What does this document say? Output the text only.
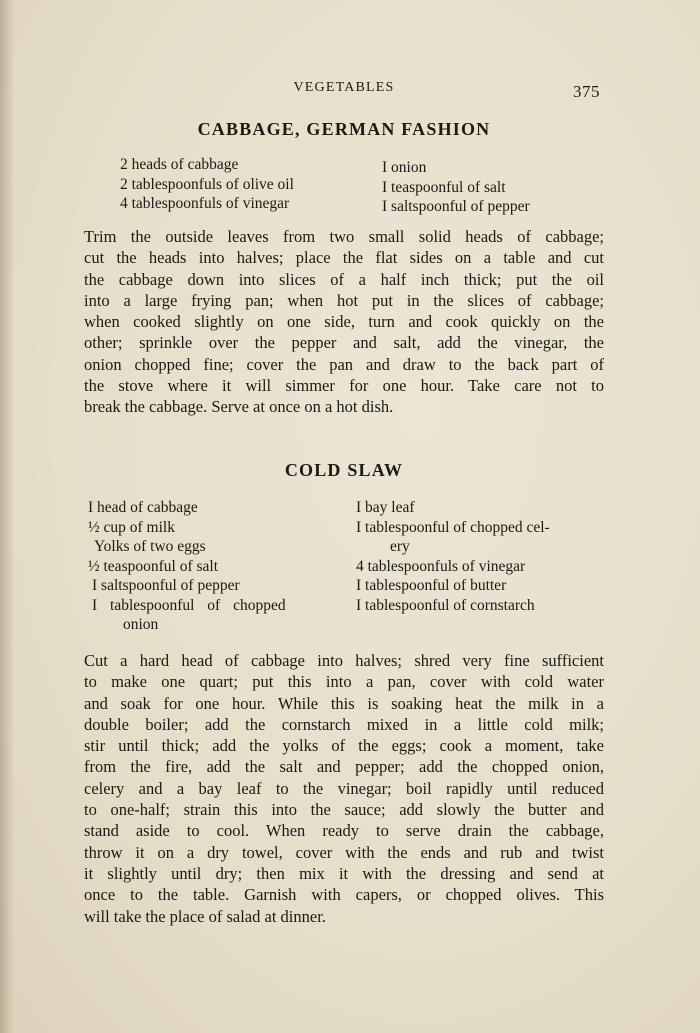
VEGETABLES	375
CABBAGE, GERMAN FASHION
2 heads of cabbage
2 tablespoonfuls of olive oil
4 tablespoonfuls of vinegar
I onion
I teaspoonful of salt
I saltspoonful of pepper
Trim the outside leaves from two small solid heads of cabbage;
cut the heads into halves; place the flat sides on a table and cut
the cabbage down into slices of a half inch thick; put the oil
into a large frying pan; when hot put in the slices of cabbage;
when cooked slightly on one side, turn and cook quickly on the
other; sprinkle over the pepper and salt, add the vinegar, the
onion chopped fine; cover the pan and draw to the back part of
the stove where it will simmer for one hour. Take care not to
break the cabbage. Serve at once on a hot dish.
COLD SLAW
I head of cabbage
½ cup of milk
Yolks of two eggs
½ teaspoonful of salt
I saltspoonful of pepper
I tablespoonful of chopped
onion
I bay leaf
I tablespoonful of chopped cel-
ery
4 tablespoonfuls of vinegar
I tablespoonful of butter
I tablespoonful of cornstarch
Cut a hard head of cabbage into halves; shred very fine sufficient
to make one quart; put this into a pan, cover with cold water
and soak for one hour. While this is soaking heat the milk in a
double boiler; add the cornstarch mixed in a little cold milk;
stir until thick; add the yolks of the eggs; cook a moment, take
from the fire, add the salt and pepper; add the chopped onion,
celery and a bay leaf to the vinegar; boil rapidly until reduced
to one-half; strain this into the sauce; add slowly the butter and
stand aside to cool. When ready to serve drain the cabbage,
throw it on a dry towel, cover with the ends and rub and twist
it slightly until dry; then mix it with the dressing and send at
once to the table. Garnish with capers, or chopped olives. This
will take the place of salad at dinner.
